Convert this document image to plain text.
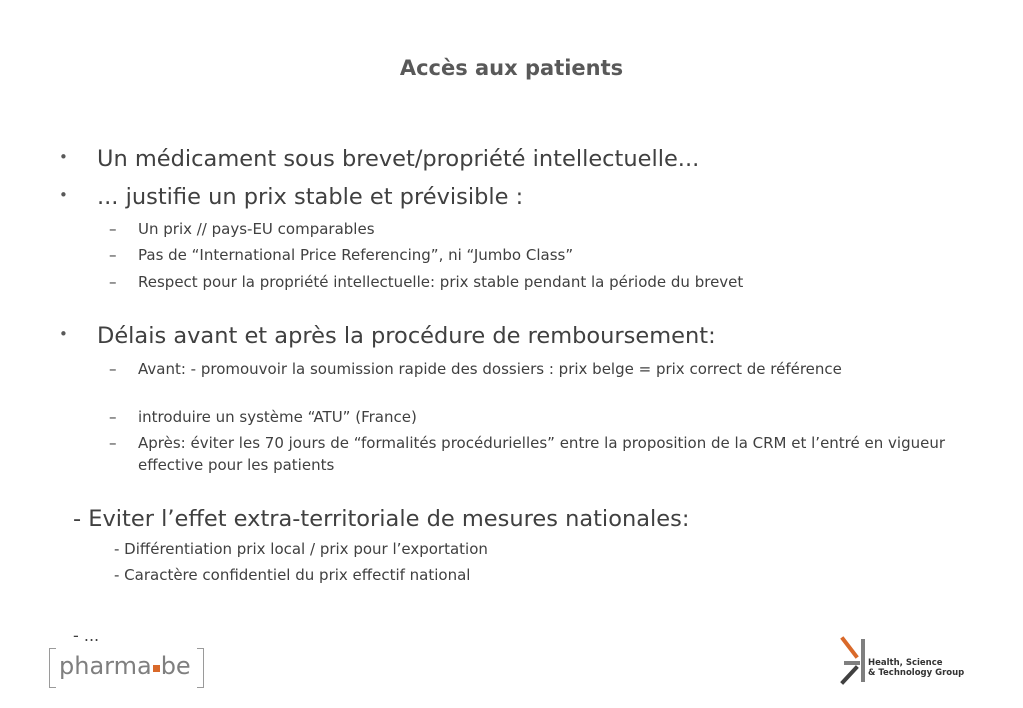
Accès aux patients
• Un médicament sous brevet/propriété intellectuelle...
• ... justifie un prix stable et prévisible :
– Un prix // pays-EU comparables
– Pas de “International Price Referencing”, ni “Jumbo Class”
– Respect pour la propriété intellectuelle: prix stable pendant la période du brevet
• Délais avant et après la procédure de remboursement:
– Avant: - promouvoir la soumission rapide des dossiers : prix belge = prix correct de référence
– introduire un système “ATU” (France)
– Après: éviter les 70 jours de “formalités procédurielles” entre la proposition de la CRM et l’entré en vigueur effective pour les patients
- Eviter l’effet extra-territoriale de mesures nationales:
- Différentiation prix local / prix pour l’exportation
- Caractère confidentiel du prix effectif national
- ...
pharma be	Health, Science
& Technology Group
